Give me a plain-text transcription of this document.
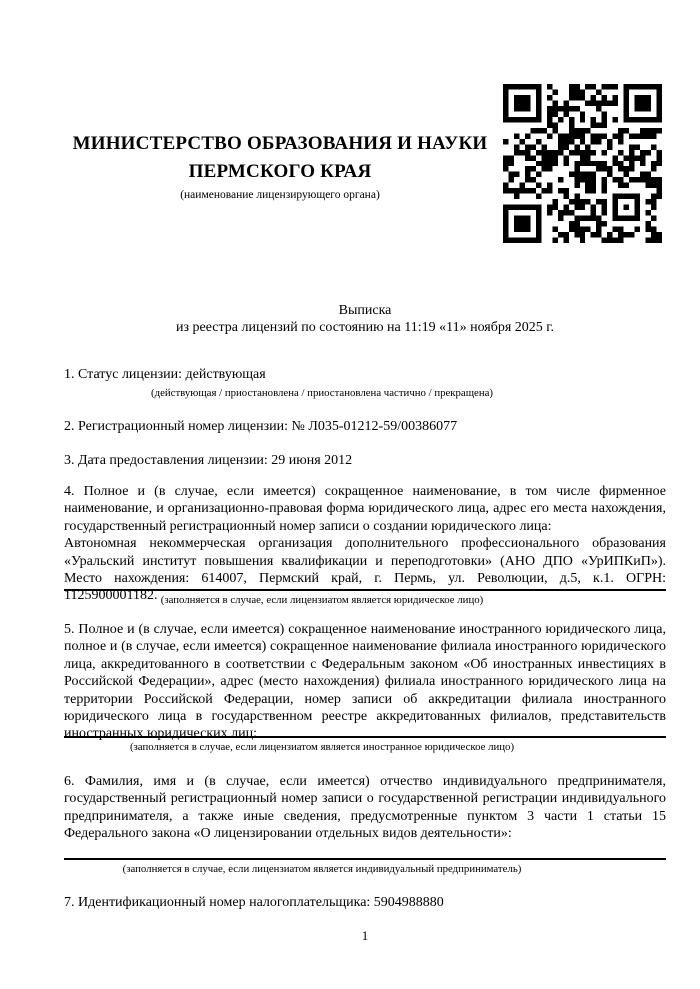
МИНИСТЕРСТВО ОБРАЗОВАНИЯ И НАУКИ
ПЕРМСКОГО КРАЯ
(наименование лицензирующего органа)
Выписка
из реестра лицензий по состоянию на 11:19 «11» ноября 2025 г.
1. Статус лицензии: действующая
(действующая / приостановлена / приостановлена частично / прекращена)
2. Регистрационный номер лицензии: № Л035-01212-59/00386077
3. Дата предоставления лицензии: 29 июня 2012

4. Полное и (в случае, если имеется) сокращенное наименование, в том числе фирменное наименование, и организационно-правовая форма юридического лица, адрес его места нахождения, государственный регистрационный номер записи о создании юридического лица:

Автономная некоммерческая организация дополнительного профессионального образования «Уральский институт повышения квалификации и переподготовки» (АНО ДПО «УрИПКиП»). Место нахождения: 614007, Пермский край, г. Пермь, ул. Революции, д.5, к.1. ОГРН: 1125900001182. (заполняется в случае, если лицензиатом является юридическое лицо)

5. Полное и (в случае, если имеется) сокращенное наименование иностранного юридического лица, полное и (в случае, если имеется) сокращенное наименование филиала иностранного юридического лица, аккредитованного в соответствии с Федеральным законом «Об иностранных инвестициях в Российской Федерации», адрес (место нахождения) филиала иностранного юридического лица на территории Российской Федерации, номер записи об аккредитации филиала иностранного юридического лица в государственном реестре аккредитованных филиалов, представительств иностранных юридических лиц:

(заполняется в случае, если лицензиатом является иностранное юридическое лицо)

6. Фамилия, имя и (в случае, если имеется) отчество индивидуального предпринимателя, государственный регистрационный номер записи о государственной регистрации индивидуального предпринимателя, а также иные сведения, предусмотренные пунктом 3 части 1 статьи 15 Федерального закона «О лицензировании отдельных видов деятельности»:

(заполняется в случае, если лицензиатом является индивидуальный предприниматель)
7. Идентификационный номер налогоплательщика: 5904988880
1
